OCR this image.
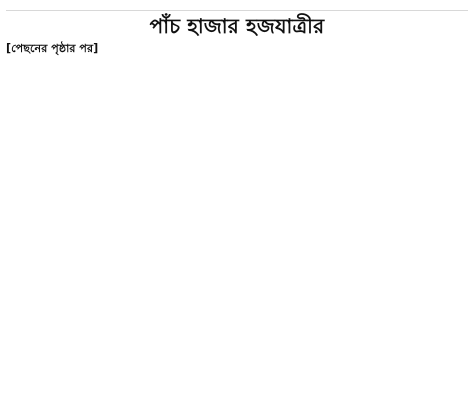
পাঁচ হাজার হজযাত্রীর

[পেছনের পৃষ্ঠার পর]
